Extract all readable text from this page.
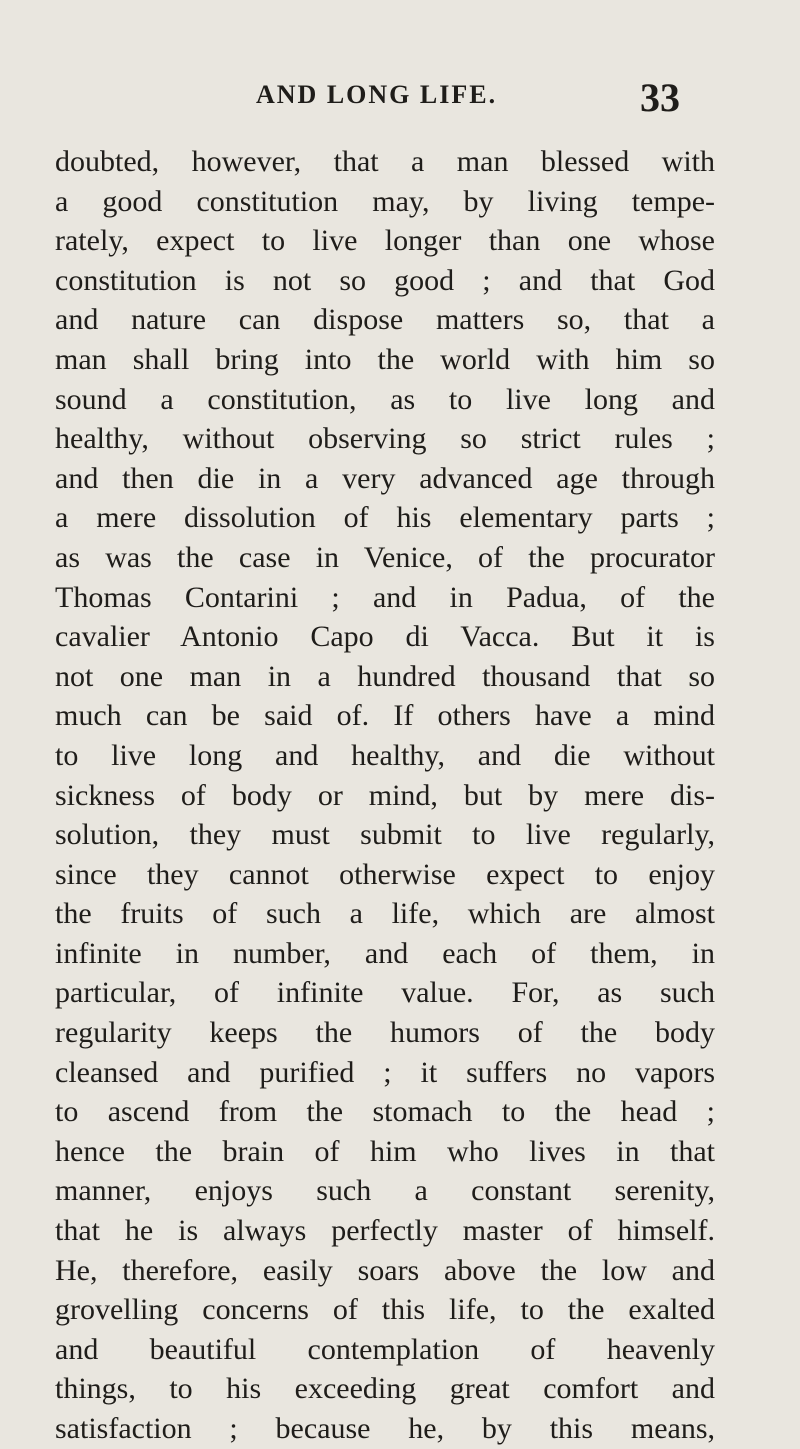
AND LONG LIFE.	33
doubted, however, that a man blessed with
a good constitution may, by living tempe-
rately, expect to live longer than one whose
constitution is not so good ; and that God
and nature can dispose matters so, that a
man shall bring into the world with him so
sound a constitution, as to live long and
healthy, without observing so strict rules ;
and then die in a very advanced age through
a mere dissolution of his elementary parts ;
as was the case in Venice, of the procurator
Thomas Contarini ; and in Padua, of the
cavalier Antonio Capo di Vacca. But it is
not one man in a hundred thousand that so
much can be said of. If others have a mind
to live long and healthy, and die without
sickness of body or mind, but by mere dis-
solution, they must submit to live regularly,
since they cannot otherwise expect to enjoy
the fruits of such a life, which are almost
infinite in number, and each of them, in
particular, of infinite value. For, as such
regularity keeps the humors of the body
cleansed and purified ; it suffers no vapors
to ascend from the stomach to the head ;
hence the brain of him who lives in that
manner, enjoys such a constant serenity,
that he is always perfectly master of himself.
He, therefore, easily soars above the low and
grovelling concerns of this life, to the exalted
and beautiful contemplation of heavenly
things, to his exceeding great comfort and
satisfaction ; because he, by this means,
